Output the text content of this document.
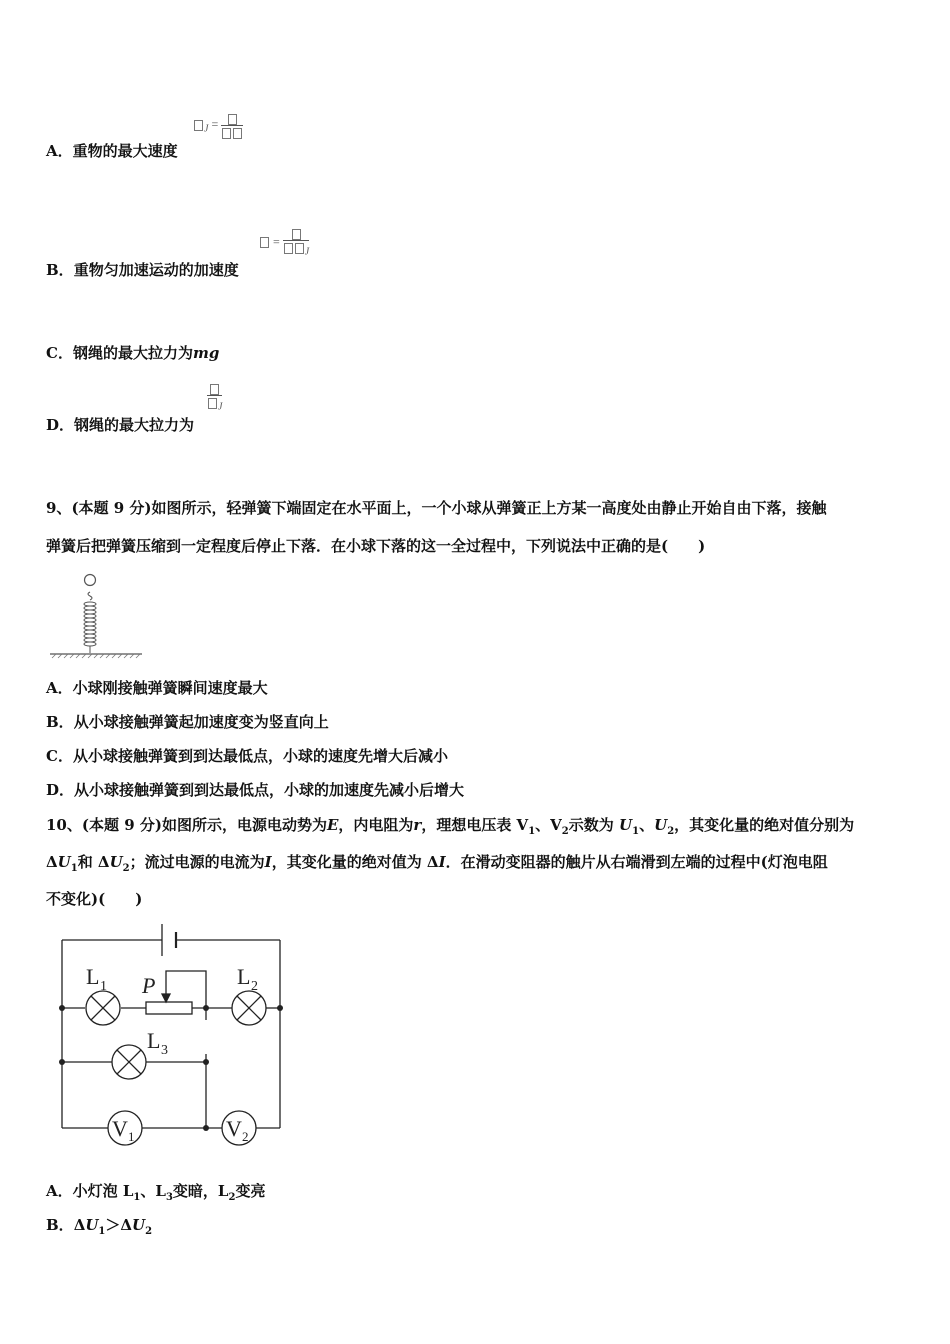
$_J$ =
A．重物的最大速度
=
$_J$
B．重物匀加速运动的加速度
C．钢绳的最大拉力为mg
$_J$
D．钢绳的最大拉力为
9、(本题 9 分)如图所示，轻弹簧下端固定在水平面上，一个小球从弹簧正上方某一高度处由静止开始自由下落，接触
弹簧后把弹簧压缩到一定程度后停止下落．在小球下落的这一全过程中，下列说法中正确的是(　　)
A．小球刚接触弹簧瞬间速度最大
B．从小球接触弹簧起加速度变为竖直向上
C．从小球接触弹簧到到达最低点，小球的速度先增大后减小
D．从小球接触弹簧到到达最低点，小球的加速度先减小后增大
10、(本题 9 分)如图所示，电源电动势为E，内电阻为r，理想电压表 $V_1$、$V_2$示数为 $U_1$、$U_2$，其变化量的绝对值分别为
$\Delta U_1$和 $\Delta U_2$；流过电源的电流为I，其变化量的绝对值为 ΔI．在滑动变阻器的触片从右端滑到左端的过程中(灯泡电阻
不变化)(　　)
L 1 P	L 2
L 3
V 1	V 2
A．小灯泡 $L_1$、$L_3$变暗，$L_2$变亮
B．$\Delta U_1>\Delta U_2$
